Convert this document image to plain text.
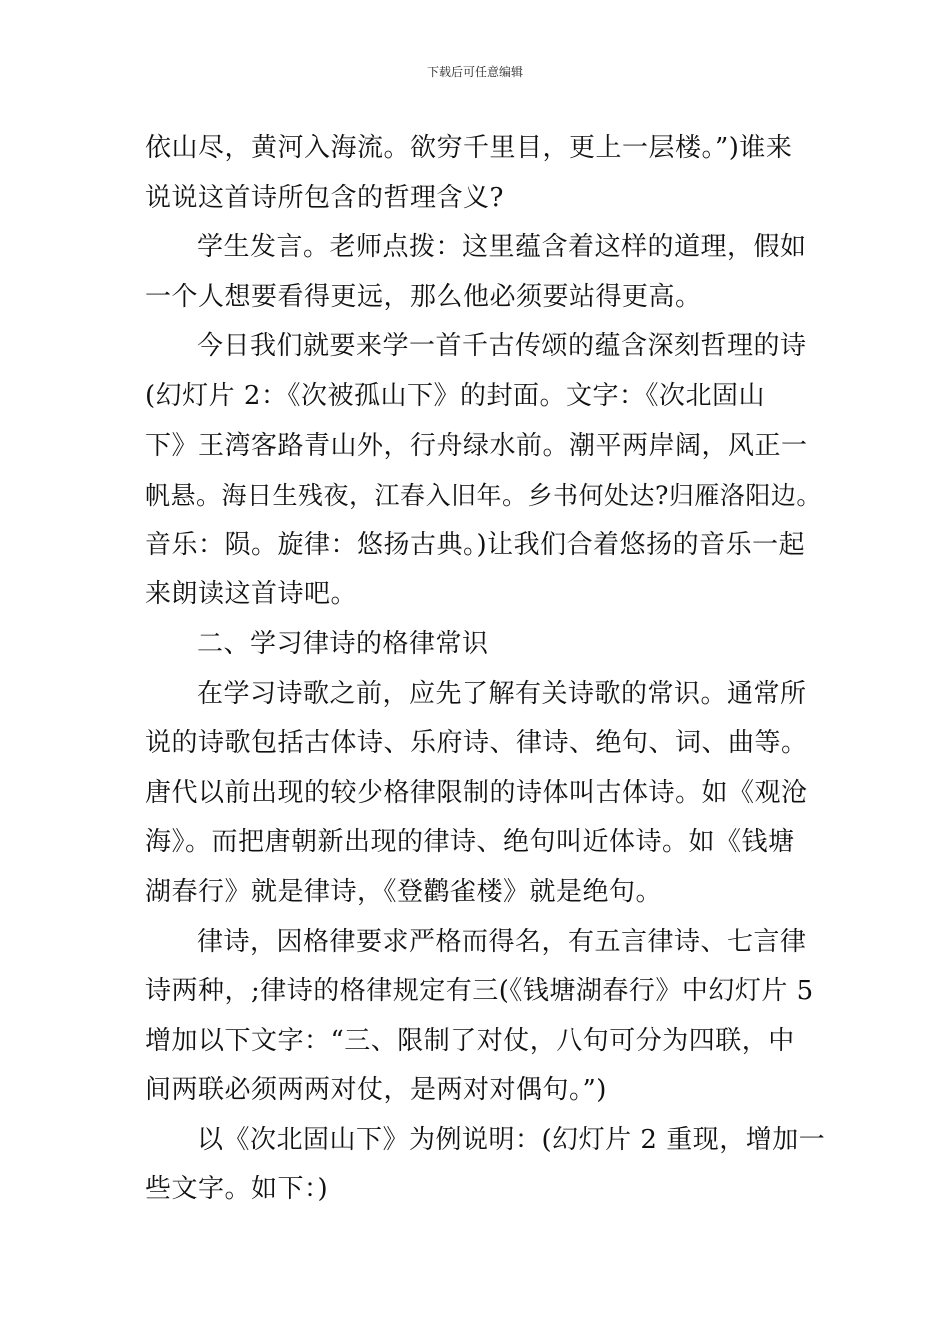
下载后可任意编辑
依山尽，黄河入海流。欲穷千里目，更上一层楼。”)谁来
说说这首诗所包含的哲理含义?
学生发言。老师点拨：这里蕴含着这样的道理，假如
一个人想要看得更远，那么他必须要站得更高。
今日我们就要来学一首千古传颂的蕴含深刻哲理的诗
(幻灯片 2：《次被孤山下》的封面。文字：《次北固山
下》王湾客路青山外，行舟绿水前。潮平两岸阔，风正一
帆悬。海日生残夜，江春入旧年。乡书何处达?归雁洛阳边。
音乐：陨。旋律：悠扬古典。)让我们合着悠扬的音乐一起
来朗读这首诗吧。
二、学习律诗的格律常识
在学习诗歌之前，应先了解有关诗歌的常识。通常所
说的诗歌包括古体诗、乐府诗、律诗、绝句、词、曲等。
唐代以前出现的较少格律限制的诗体叫古体诗。如《观沧
海》。而把唐朝新出现的律诗、绝句叫近体诗。如《钱塘
湖春行》就是律诗，《登鹳雀楼》就是绝句。
律诗，因格律要求严格而得名，有五言律诗、七言律
诗两种，;律诗的格律规定有三(《钱塘湖春行》中幻灯片 5
增加以下文字：“三、限制了对仗，八句可分为四联，中
间两联必须两两对仗，是两对对偶句。”)
以《次北固山下》为例说明：(幻灯片 2 重现，增加一
些文字。如下：)
